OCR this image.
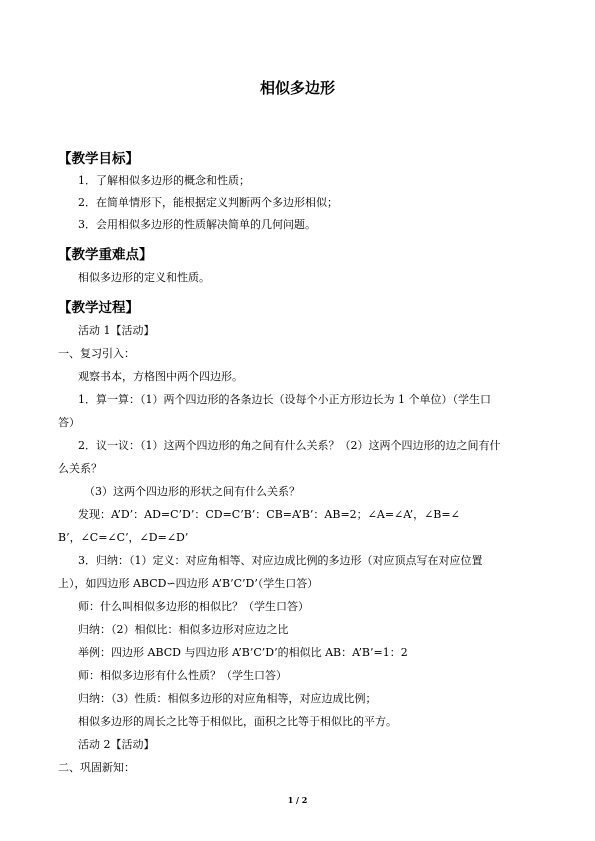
相似多边形
【教学目标】
1．了解相似多边形的概念和性质；
2．在简单情形下，能根据定义判断两个多边形相似；
3．会用相似多边形的性质解决简单的几何问题。
【教学重难点】
相似多边形的定义和性质。
【教学过程】
活动 1【活动】
一、复习引入：
观察书本，方格图中两个四边形。
1．算一算：（1）两个四边形的各条边长（设每个小正方形边长为 1 个单位）（学生口
答）
2．议一议：（1）这两个四边形的角之间有什么关系？（2）这两个四边形的边之间有什
么关系？
（3）这两个四边形的形状之间有什么关系？
发现：A’D’：AD=C’D’：CD=C’B’：CB=A’B’：AB=2；∠A=∠A’，∠B=∠
B’，∠C=∠C’，∠D=∠D’
3．归纳：（1）定义：对应角相等、对应边成比例的多边形（对应顶点写在对应位置
上），如四边形 ABCD∽四边形 A’B’C’D’（学生口答）
师：什么叫相似多边形的相似比？（学生口答）
归纳：（2）相似比：相似多边形对应边之比
举例：四边形 ABCD 与四边形 A’B’C’D’的相似比 AB：A’B’=1：2
师：相似多边形有什么性质？（学生口答）
归纳：（3）性质：相似多边形的对应角相等，对应边成比例；
相似多边形的周长之比等于相似比，面积之比等于相似比的平方。
活动 2【活动】
二、巩固新知：
1 / 2
